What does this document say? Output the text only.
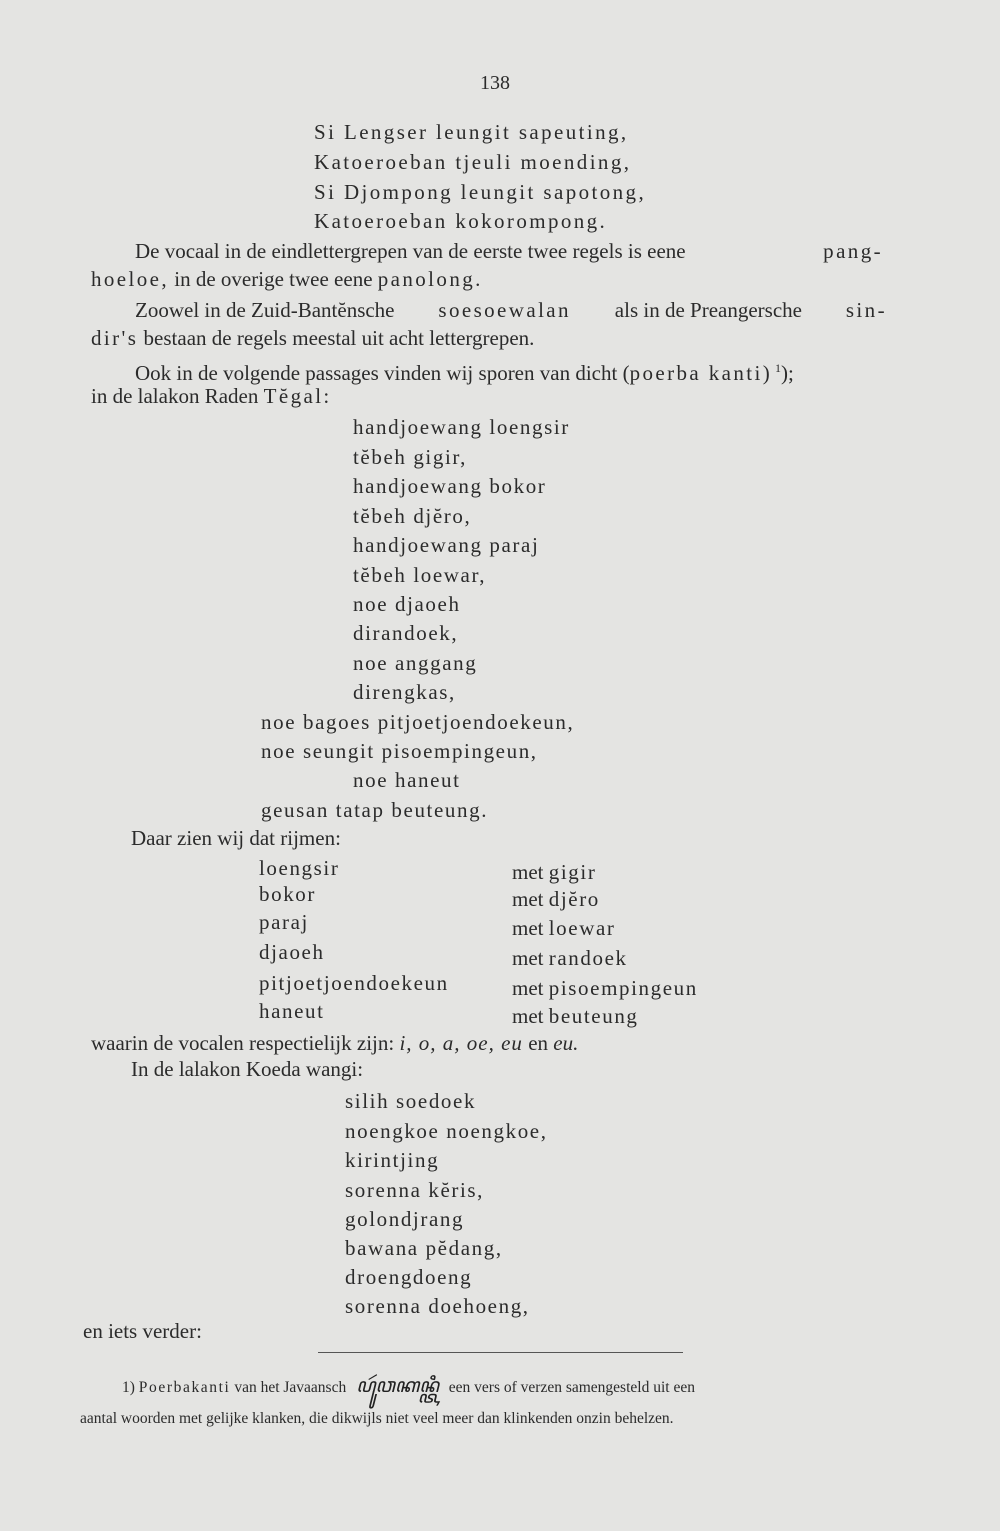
138
Si Lengser leungit sapeuting,
Katoeroeban tjeuli moending,
Si Djompong leungit sapotong,
Katoeroeban kokorompong.
De vocaal in de eindlettergrepen van de eerste twee regels is eene	pang-
hoeloe, in de overige twee eene panolong.
Zoowel in de Zuid-Bantĕnsche soesoewalan als in de Preangersche sin-
dir's bestaan de regels meestal uit acht lettergrepen.
Ook in de volgende passages vinden wij sporen van dicht (poerba kanti) $^1$);
in de lalakon Raden Tĕgal:
handjoewang loengsir
tĕbeh gigir,
handjoewang bokor
tĕbeh djĕro,
handjoewang paraj
tĕbeh loewar,
noe djaoeh
dirandoek,
noe anggang
direngkas,
noe bagoes pitjoetjoendoekeun,
noe seungit pisoempingeun,
noe haneut
geusan tatap beuteung.
Daar zien wij dat rijmen:
loengsir	met gigir
bokor	met djĕro
paraj	met loewar
djaoeh	met randoek
pitjoetjoendoekeun	met pisoempingeun
haneut	met beuteung
waarin de vocalen respectielijk zijn: i, o, a, oe, eu en eu.
In de lalakon Koeda wangi:
silih soedoek
noengkoe noengkoe,
kirintjing
sorenna kĕris,
golondjrang
bawana pĕdang,
droengdoeng
sorenna doehoeng,
en iets verder:
1) Poerbakanti van het Javaansch ꦥꦸꦂꦮꦏꦤ꧀ꦠꦶ een vers of verzen samengesteld uit een
aantal woorden met gelijke klanken, die dikwijls niet veel meer dan klinkenden onzin behelzen.
